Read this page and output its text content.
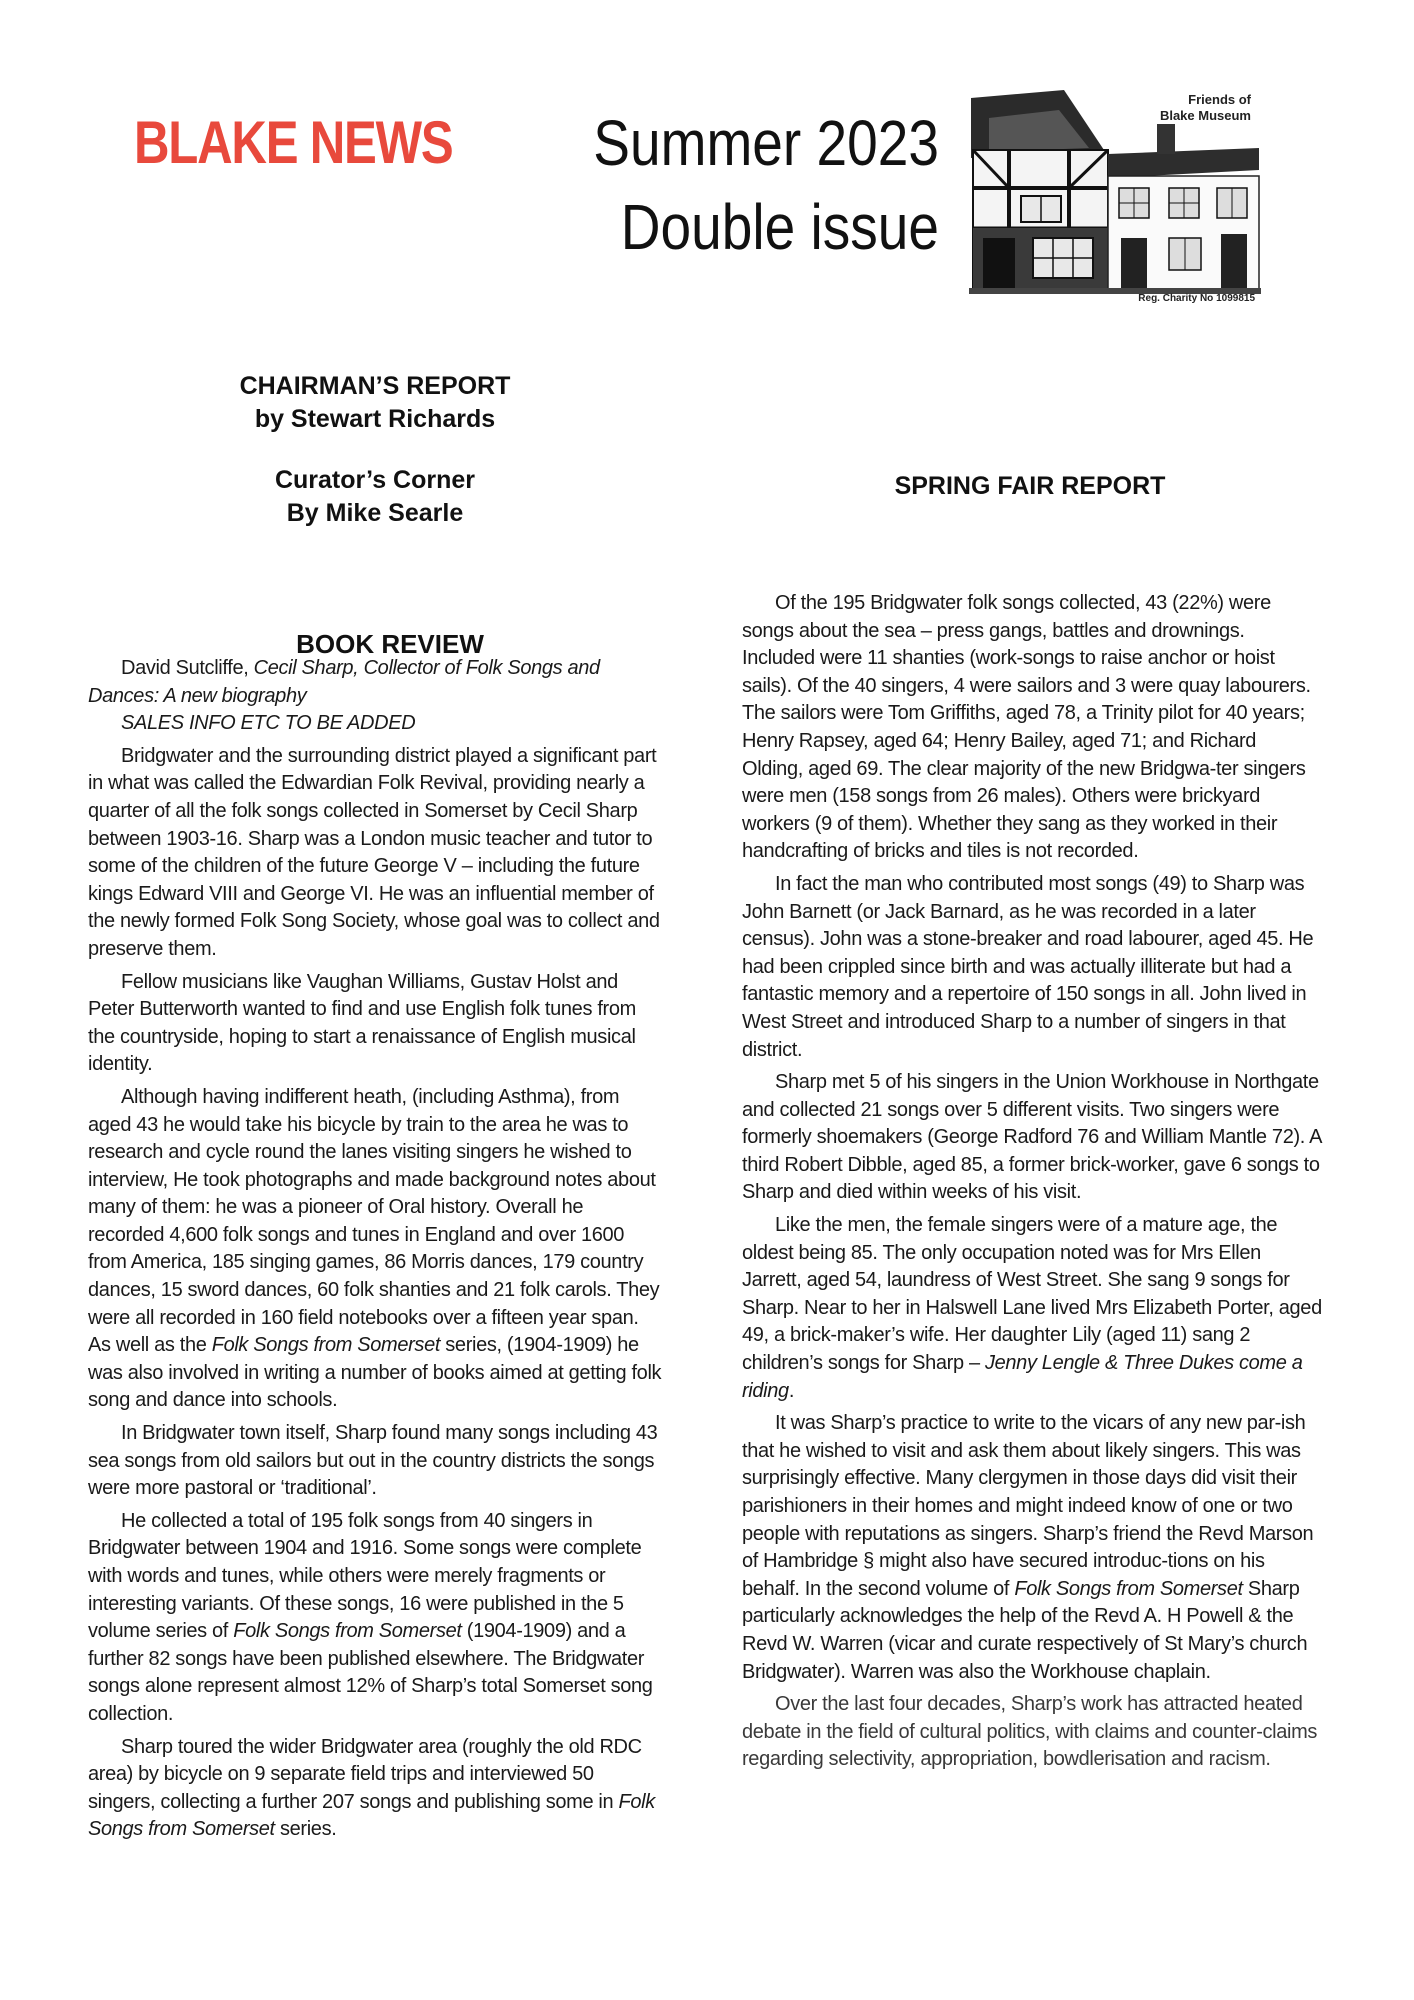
BLAKE NEWS Summer 2023
Double issue
Friends of
Blake Museum
Reg. Charity No 1099815
CHAIRMAN’S REPORT
by Stewart Richards
Curator’s Corner
By Mike Searle
SPRING FAIR REPORT
BOOK REVIEW

David Sutcliffe, Cecil Sharp, Collector of Folk Songs and Dances: A new biography

SALES INFO ETC TO BE ADDED

Bridgwater and the surrounding district played a significant part in what was called the Edwardian Folk Revival, providing nearly a quarter of all the folk songs collected in Somerset by Cecil Sharp between 1903-16. Sharp was a London music teacher and tutor to some of the children of the future George V – including the future kings Edward VIII and George VI. He was an influential member of the newly formed Folk Song Society, whose goal was to collect and preserve them.

Fellow musicians like Vaughan Williams, Gustav Holst and Peter Butterworth wanted to find and use English folk tunes from the countryside, hoping to start a renaissance of English musical identity.

Although having indifferent heath, (including Asthma), from aged 43 he would take his bicycle by train to the area he was to research and cycle round the lanes visiting singers he wished to interview, He took photographs and made background notes about many of them: he was a pioneer of Oral history. Overall he recorded 4,600 folk songs and tunes in England and over 1600 from America, 185 singing games, 86 Morris dances, 179 country dances, 15 sword dances, 60 folk shanties and 21 folk carols. They were all recorded in 160 field notebooks over a fifteen year span. As well as the Folk Songs from Somerset series, (1904-1909) he was also involved in writing a number of books aimed at getting folk song and dance into schools.

In Bridgwater town itself, Sharp found many songs including 43 sea songs from old sailors but out in the country districts the songs were more pastoral or ‘traditional’.

He collected a total of 195 folk songs from 40 singers in Bridgwater between 1904 and 1916. Some songs were complete with words and tunes, while others were merely fragments or interesting variants. Of these songs, 16 were published in the 5 volume series of Folk Songs from Somerset (1904-1909) and a further 82 songs have been published elsewhere. The Bridgwater songs alone represent almost 12% of Sharp’s total Somerset song collection.

Sharp toured the wider Bridgwater area (roughly the old RDC area) by bicycle on 9 separate field trips and interviewed 50 singers, collecting a further 207 songs and publishing some in Folk Songs from Somerset series.

Of the 195 Bridgwater folk songs collected, 43 (22%) were songs about the sea – press gangs, battles and drownings. Included were 11 shanties (work-songs to raise anchor or hoist sails). Of the 40 singers, 4 were sailors and 3 were quay labourers. The sailors were Tom Griffiths, aged 78, a Trinity pilot for 40 years; Henry Rapsey, aged 64; Henry Bailey, aged 71; and Richard Olding, aged 69. The clear majority of the new Bridgwa-ter singers were men (158 songs from 26 males). Others were brickyard workers (9 of them). Whether they sang as they worked in their handcrafting of bricks and tiles is not recorded.

In fact the man who contributed most songs (49) to Sharp was John Barnett (or Jack Barnard, as he was recorded in a later census). John was a stone-breaker and road labourer, aged 45. He had been crippled since birth and was actually illiterate but had a fantastic memory and a repertoire of 150 songs in all. John lived in West Street and introduced Sharp to a number of singers in that district.

Sharp met 5 of his singers in the Union Workhouse in Northgate and collected 21 songs over 5 different visits. Two singers were formerly shoemakers (George Radford 76 and William Mantle 72). A third Robert Dibble, aged 85, a former brick-worker, gave 6 songs to Sharp and died within weeks of his visit.

Like the men, the female singers were of a mature age, the oldest being 85. The only occupation noted was for Mrs Ellen Jarrett, aged 54, laundress of West Street. She sang 9 songs for Sharp. Near to her in Halswell Lane lived Mrs Elizabeth Porter, aged 49, a brick-maker’s wife. Her daughter Lily (aged 11) sang 2 children’s songs for Sharp – Jenny Lengle & Three Dukes come a riding.

It was Sharp’s practice to write to the vicars of any new par-ish that he wished to visit and ask them about likely singers. This was surprisingly effective. Many clergymen in those days did visit their parishioners in their homes and might indeed know of one or two people with reputations as singers. Sharp’s friend the Revd Marson of Hambridge § might also have secured introduc-tions on his behalf. In the second volume of Folk Songs from Somerset Sharp particularly acknowledges the help of the Revd A. H Powell & the Revd W. Warren (vicar and curate respectively of St Mary’s church Bridgwater). Warren was also the Workhouse chaplain.

Over the last four decades, Sharp’s work has attracted heated debate in the field of cultural politics, with claims and counter-claims regarding selectivity, appropriation, bowdlerisation and racism.
